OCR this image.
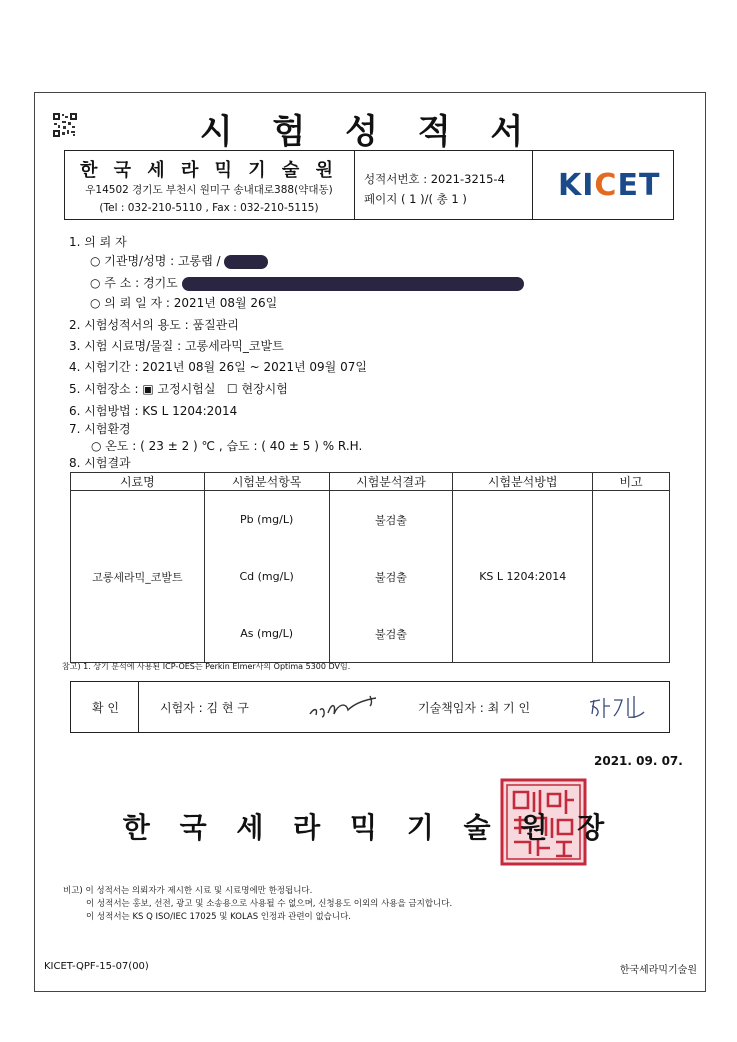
시 험 성 적 서
한 국 세 라 믹 기 술 원
우14502 경기도 부천시 원미구 송내대로388(약대동)
(Tel : 032-210-5110 , Fax : 032-210-5115)
성적서번호 : 2021-3215-4
페이지 ( 1 )/( 총 1 )	KICET
1. 의 뢰 자
○ 기관명/성명 : 고롱랩 /
○ 주 소 : 경기도
○ 의 뢰 일 자 : 2021년 08월 26일
2. 시험성적서의 용도 : 품질관리
3. 시험 시료명/물질 : 고롱세라믹_코발트
4. 시험기간 : 2021년 08월 26일 ~ 2021년 09월 07일
5. 시험장소 : ▣ 고정시험실 ☐ 현장시험
6. 시험방법 : KS L 1204:2014
7. 시험환경
○ 온도 : ( 23 ± 2 ) ℃ , 습도 : ( 40 ± 5 ) % R.H.
8. 시험결과
시료명	시험분석항목	시험분석결과	시험분석방법	비고
고롱세라믹_코발트	Pb (mg/L)	불검출	KS L 1204:2014	
	Cd (mg/L)	불검출		
	As (mg/L)	불검출		
참고) 1. 상기 분석에 사용된 ICP-OES는 Perkin Elmer사의 Optima 5300 DV임.
확 인	시험자 : 김 현 구	기술책임자 : 최 기 인
2021. 09. 07.
한 국 세 라 믹 기 술 원 장
비고) 이 성적서는 의뢰자가 제시한 시료 및 시료명에만 한정됩니다.
이 성적서는 홍보, 선전, 광고 및 소송용으로 사용될 수 없으며, 신청용도 이외의 사용을 금지합니다.
이 성적서는 KS Q ISO/IEC 17025 및 KOLAS 인정과 관련이 없습니다.
KICET-QPF-15-07(00)	한국세라믹기술원
